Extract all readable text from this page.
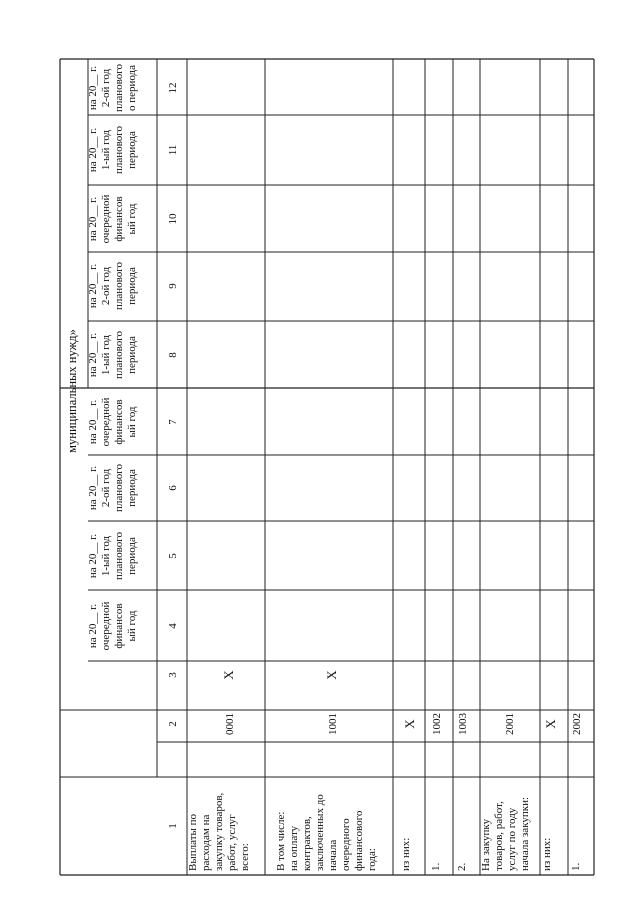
муниципальных нужд»
на 20__ г. очередной финансов ый год
на 20__ г. 1-ый год планового периода
на 20__ г. 2-ой год планового периода
на 20__ г. очередной финансов ый год
на 20__ г. 1-ый год планового периода
на 20__ г. 2-ой год планового периода
на 20__ г. очередной финансов ый год
на 20__ г. 1-ый год планового периода
на 20__ г. 2-ой год планового о периода
1
2
3
4
5
6
7
8
9
10
11
12
Выплаты по расходам на закупку товаров, работ, услуг всего:
0001
X
В том числе: на оплату контрактов, заключенных до начала очередного финансового года:
1001
X
из них:
X
1.
1002
2.
1003
На закупку товаров, работ, услуг по году начала закупки:
2001
из них:
X
1.
2002
